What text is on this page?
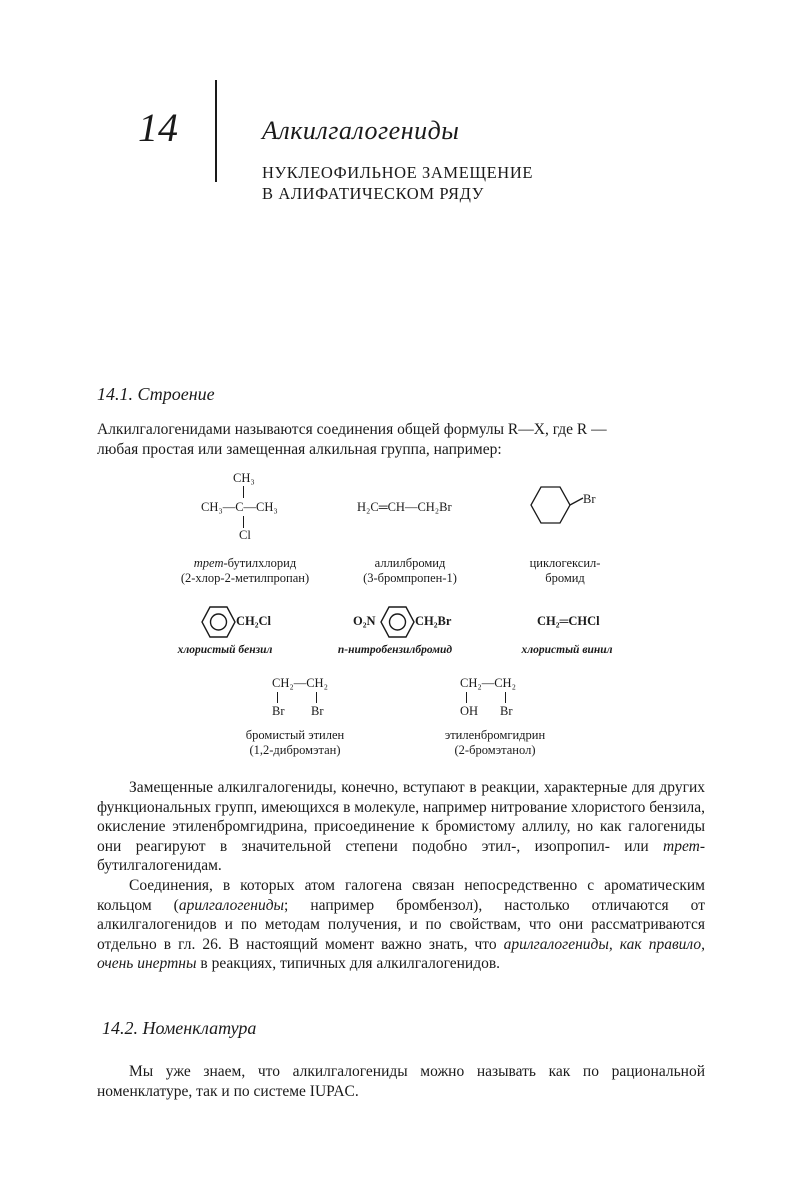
14	Алкилгалогениды
НУКЛЕОФИЛЬНОЕ ЗАМЕЩЕНИЕ
В АЛИФАТИЧЕСКОМ РЯДУ
14.1. Строение
Алкилгалогенидами называются соединения общей формулы R—X, где R —
любая простая или замещенная алкильная группа, например:
CH₃
CH₃—C—CH₃
Cl
трет-бутилхлорид
(2-хлор-2-метилпропан)
H₂C═CH—CH₂Br
аллилбромид
(3-бромпропен-1)
Br
циклогексил-
бромид
CH₂Cl
хлористый бензил
O₂N	CH₂Br
n-нитробензилбромид
CH₂═CHCl
хлористый винил
CH₂—CH₂
Br Br
бромистый этилен
(1,2-дибромэтан)
CH₂—CH₂
OH Br
этиленбромгидрин
(2-бромэтанол)

Замещенные алкилгалогениды, конечно, вступают в реакции, характерные для других функциональных групп, имеющихся в молекуле, например нитрование хлористого бензила, окисление этиленбромгидрина, присоединение к бромистому аллилу, но как галогениды они реагируют в значительной степени подобно этил-, изопропил- или трет-бутилгалогенидам.

Соединения, в которых атом галогена связан непосредственно с ароматическим кольцом (арилгалогениды; например бромбензол), настолько отличаются от алкилгалогенидов и по методам получения, и по свойствам, что они рассматриваются отдельно в гл. 26. В настоящий момент важно знать, что арилгалогениды, как правило, очень инертны в реакциях, типичных для алкилгалогенидов.

14.2. Номенклатура

Мы уже знаем, что алкилгалогениды можно называть как по рациональной номенклатуре, так и по системе IUPAC.
